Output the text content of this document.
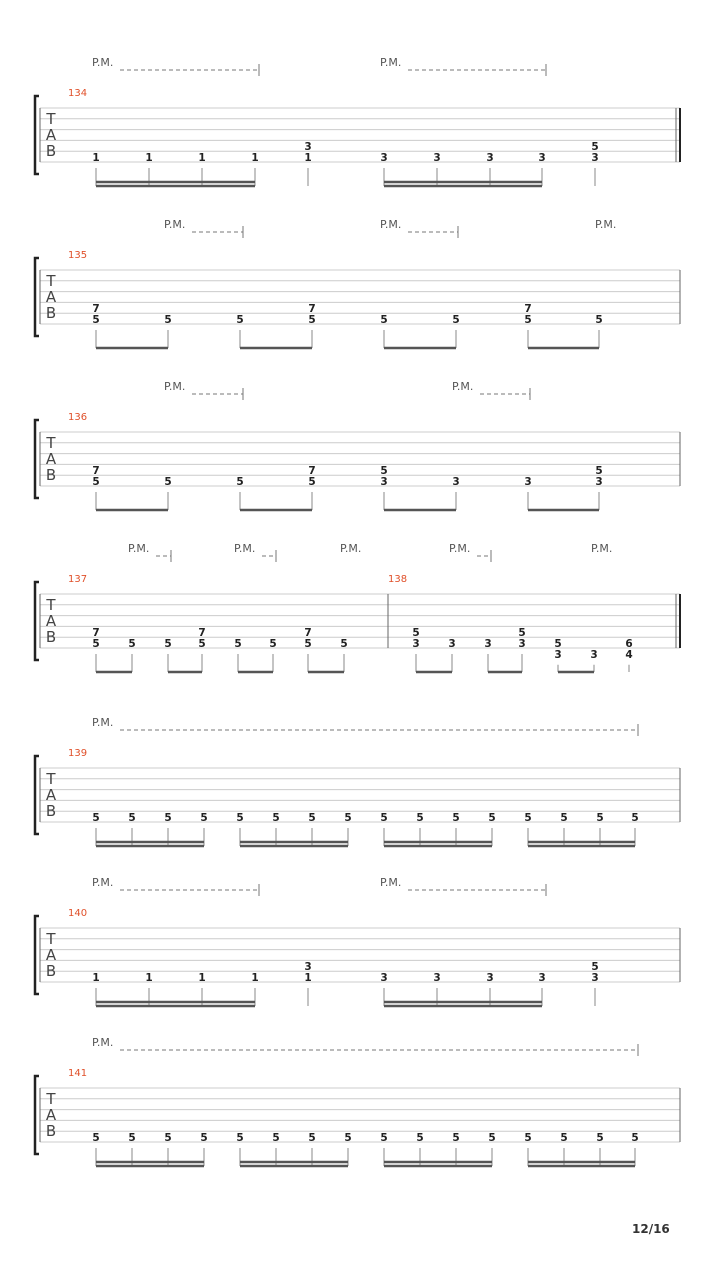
T
A
B
P.M.	P.M.
134
1	1	1	1
3
1	3	3	3	3
5
3
T
A
B
P.M.	P.M.	P.M.
135
7
5	5	5
7
5	5	5
7
5	5
T
A
B
P.M.	P.M.
136
7
5	5	5
7
5
5
3	3	3
5
3
T
A
B
P.M.	P.M.	P.M.	P.M.	P.M.
137
7
5	5	5
7
5	5	5
7
5	5
138
5
3	3	3
5
3	5
3	3
6
4
T
A
B
P.M.
139
5	5	5	5	5	5	5	5	5	5	5	5	5	5	5	5
T
A
B
P.M.	P.M.
140
1	1	1	1
3
1	3	3	3	3
5
3
T
A
B
P.M.
141
5	5	5	5	5	5	5	5	5	5	5	5	5	5	5	5
12/16
